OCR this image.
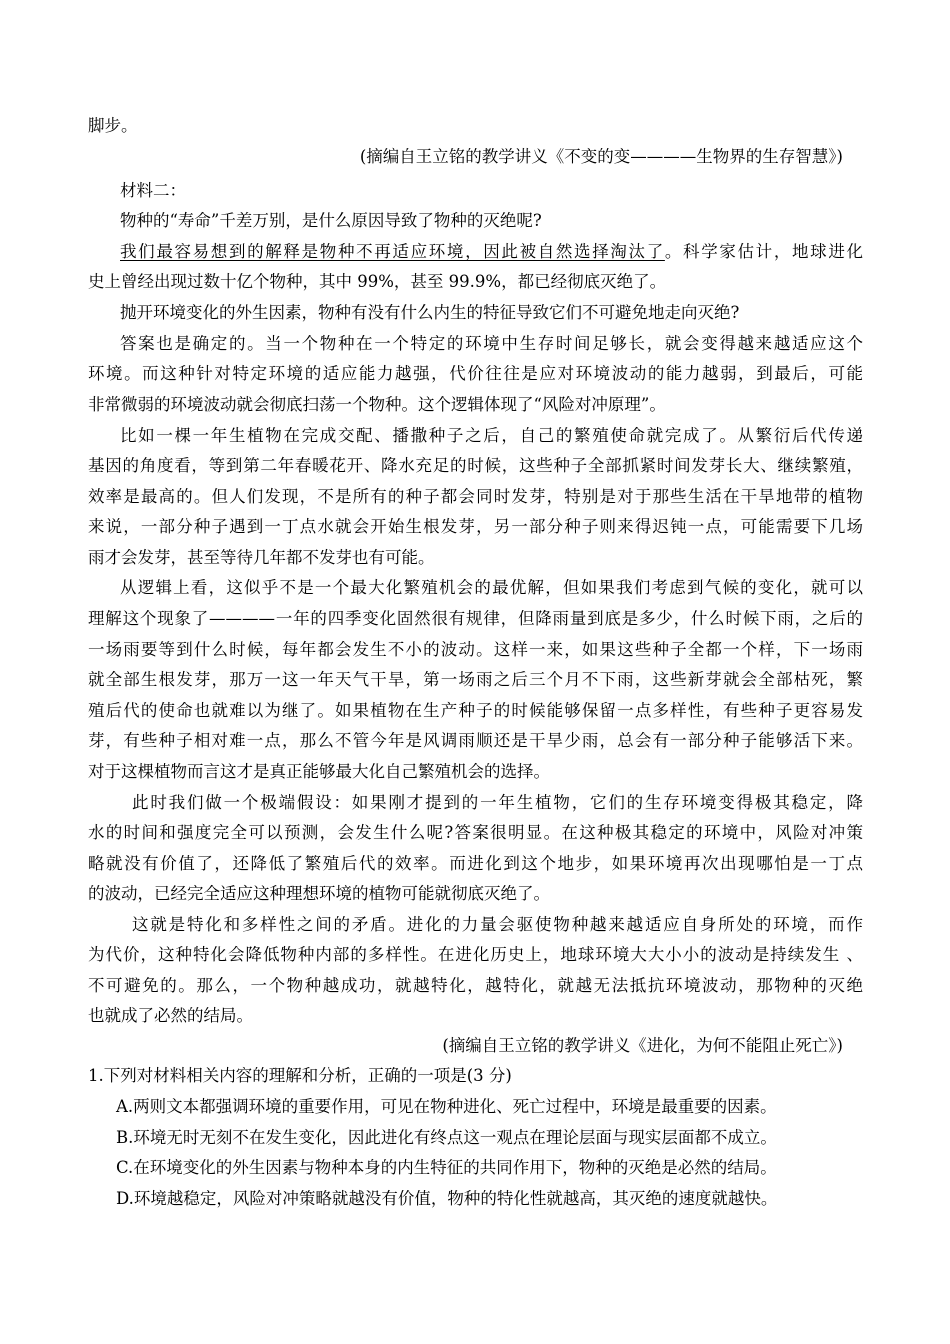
脚步。
(摘编自王立铭的教学讲义《不变的变————生物界的生存智慧》)
材料二：
物种的“寿命”千差万别，是什么原因导致了物种的灭绝呢?
我们最容易想到的解释是物种不再适应环境，因此被自然选择淘汰了。科学家估计，地球进化
史上曾经出现过数十亿个物种，其中 99%，甚至 99.9%，都已经彻底灭绝了。
抛开环境变化的外生因素，物种有没有什么内生的特征导致它们不可避免地走向灭绝?
答案也是确定的。当一个物种在一个特定的环境中生存时间足够长，就会变得越来越适应这个
环境。而这种针对特定环境的适应能力越强，代价往往是应对环境波动的能力越弱，到最后，可能
非常微弱的环境波动就会彻底扫荡一个物种。这个逻辑体现了“风险对冲原理”。
比如一棵一年生植物在完成交配、播撒种子之后，自己的繁殖使命就完成了。从繁衍后代传递
基因的角度看，等到第二年春暖花开、降水充足的时候，这些种子全部抓紧时间发芽长大、继续繁殖，
效率是最高的。但人们发现，不是所有的种子都会同时发芽，特别是对于那些生活在干旱地带的植物
来说，一部分种子遇到一丁点水就会开始生根发芽，另一部分种子则来得迟钝一点，可能需要下几场
雨才会发芽，甚至等待几年都不发芽也有可能。
从逻辑上看，这似乎不是一个最大化繁殖机会的最优解，但如果我们考虑到气候的变化，就可以
理解这个现象了————一年的四季变化固然很有规律，但降雨量到底是多少，什么时候下雨，之后的
一场雨要等到什么时候，每年都会发生不小的波动。这样一来，如果这些种子全都一个样，下一场雨
就全部生根发芽，那万一这一年天气干旱，第一场雨之后三个月不下雨，这些新芽就会全部枯死，繁
殖后代的使命也就难以为继了。如果植物在生产种子的时候能够保留一点多样性，有些种子更容易发
芽，有些种子相对难一点，那么不管今年是风调雨顺还是干旱少雨，总会有一部分种子能够活下来。
对于这棵植物而言这才是真正能够最大化自己繁殖机会的选择。
此时我们做一个极端假设：如果刚才提到的一年生植物，它们的生存环境变得极其稳定，降
水的时间和强度完全可以预测，会发生什么呢?答案很明显。在这种极其稳定的环境中，风险对冲策
略就没有价值了，还降低了繁殖后代的效率。而进化到这个地步，如果环境再次出现哪怕是一丁点
的波动，已经完全适应这种理想环境的植物可能就彻底灭绝了。
这就是特化和多样性之间的矛盾。进化的力量会驱使物种越来越适应自身所处的环境，而作
为代价，这种特化会降低物种内部的多样性。在进化历史上，地球环境大大小小的波动是持续发生 、
不可避免的。那么，一个物种越成功，就越特化，越特化，就越无法抵抗环境波动，那物种的灭绝
也就成了必然的结局。
(摘编自王立铭的教学讲义《进化，为何不能阻止死亡》)
1.下列对材料相关内容的理解和分析，正确的一项是(3 分)
A.两则文本都强调环境的重要作用，可见在物种进化、死亡过程中，环境是最重要的因素。
B.环境无时无刻不在发生变化，因此进化有终点这一观点在理论层面与现实层面都不成立。
C.在环境变化的外生因素与物种本身的内生特征的共同作用下，物种的灭绝是必然的结局。
D.环境越稳定，风险对冲策略就越没有价值，物种的特化性就越高，其灭绝的速度就越快。
